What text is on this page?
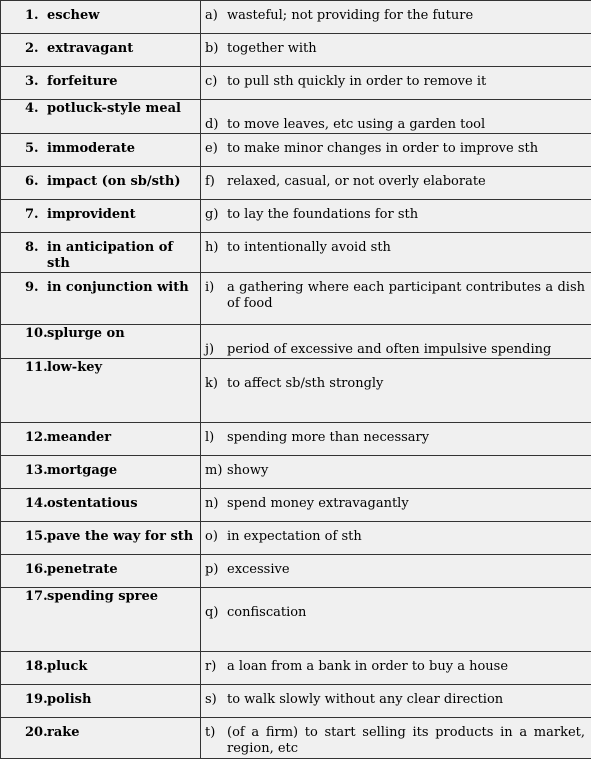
1. eschew	a) wasteful; not providing for the future

2. extravagant	b) together with

3. forfeiture	c) to pull sth quickly in order to remove it

4. potluck-style meal	d) to move leaves, etc using a garden tool

5. immoderate	e) to make minor changes in order to improve sth

6. impact (on sb/sth)	f) relaxed, casual, or not overly elaborate

7. improvident	g) to lay the foundations for sth

8. in anticipation of sth	h) to intentionally avoid sth

9. in conjunction with	i) a gathering where each participant contributes a dish of food

10. splurge on	j) period of excessive and often impulsive spending

11. low-key	k) to affect sb/sth strongly

12. meander	l) spending more than necessary

13. mortgage	m) showy

14. ostentatious	n) spend money extravagantly

15. pave the way for sth	o) in expectation of sth

16. penetrate	p) excessive

17. spending spree	q) confiscation

18. pluck	r) a loan from a bank in order to buy a house

19. polish	s) to walk slowly without any clear direction

20. rake	t) (of a firm) to start selling its products in a market, region, etc
